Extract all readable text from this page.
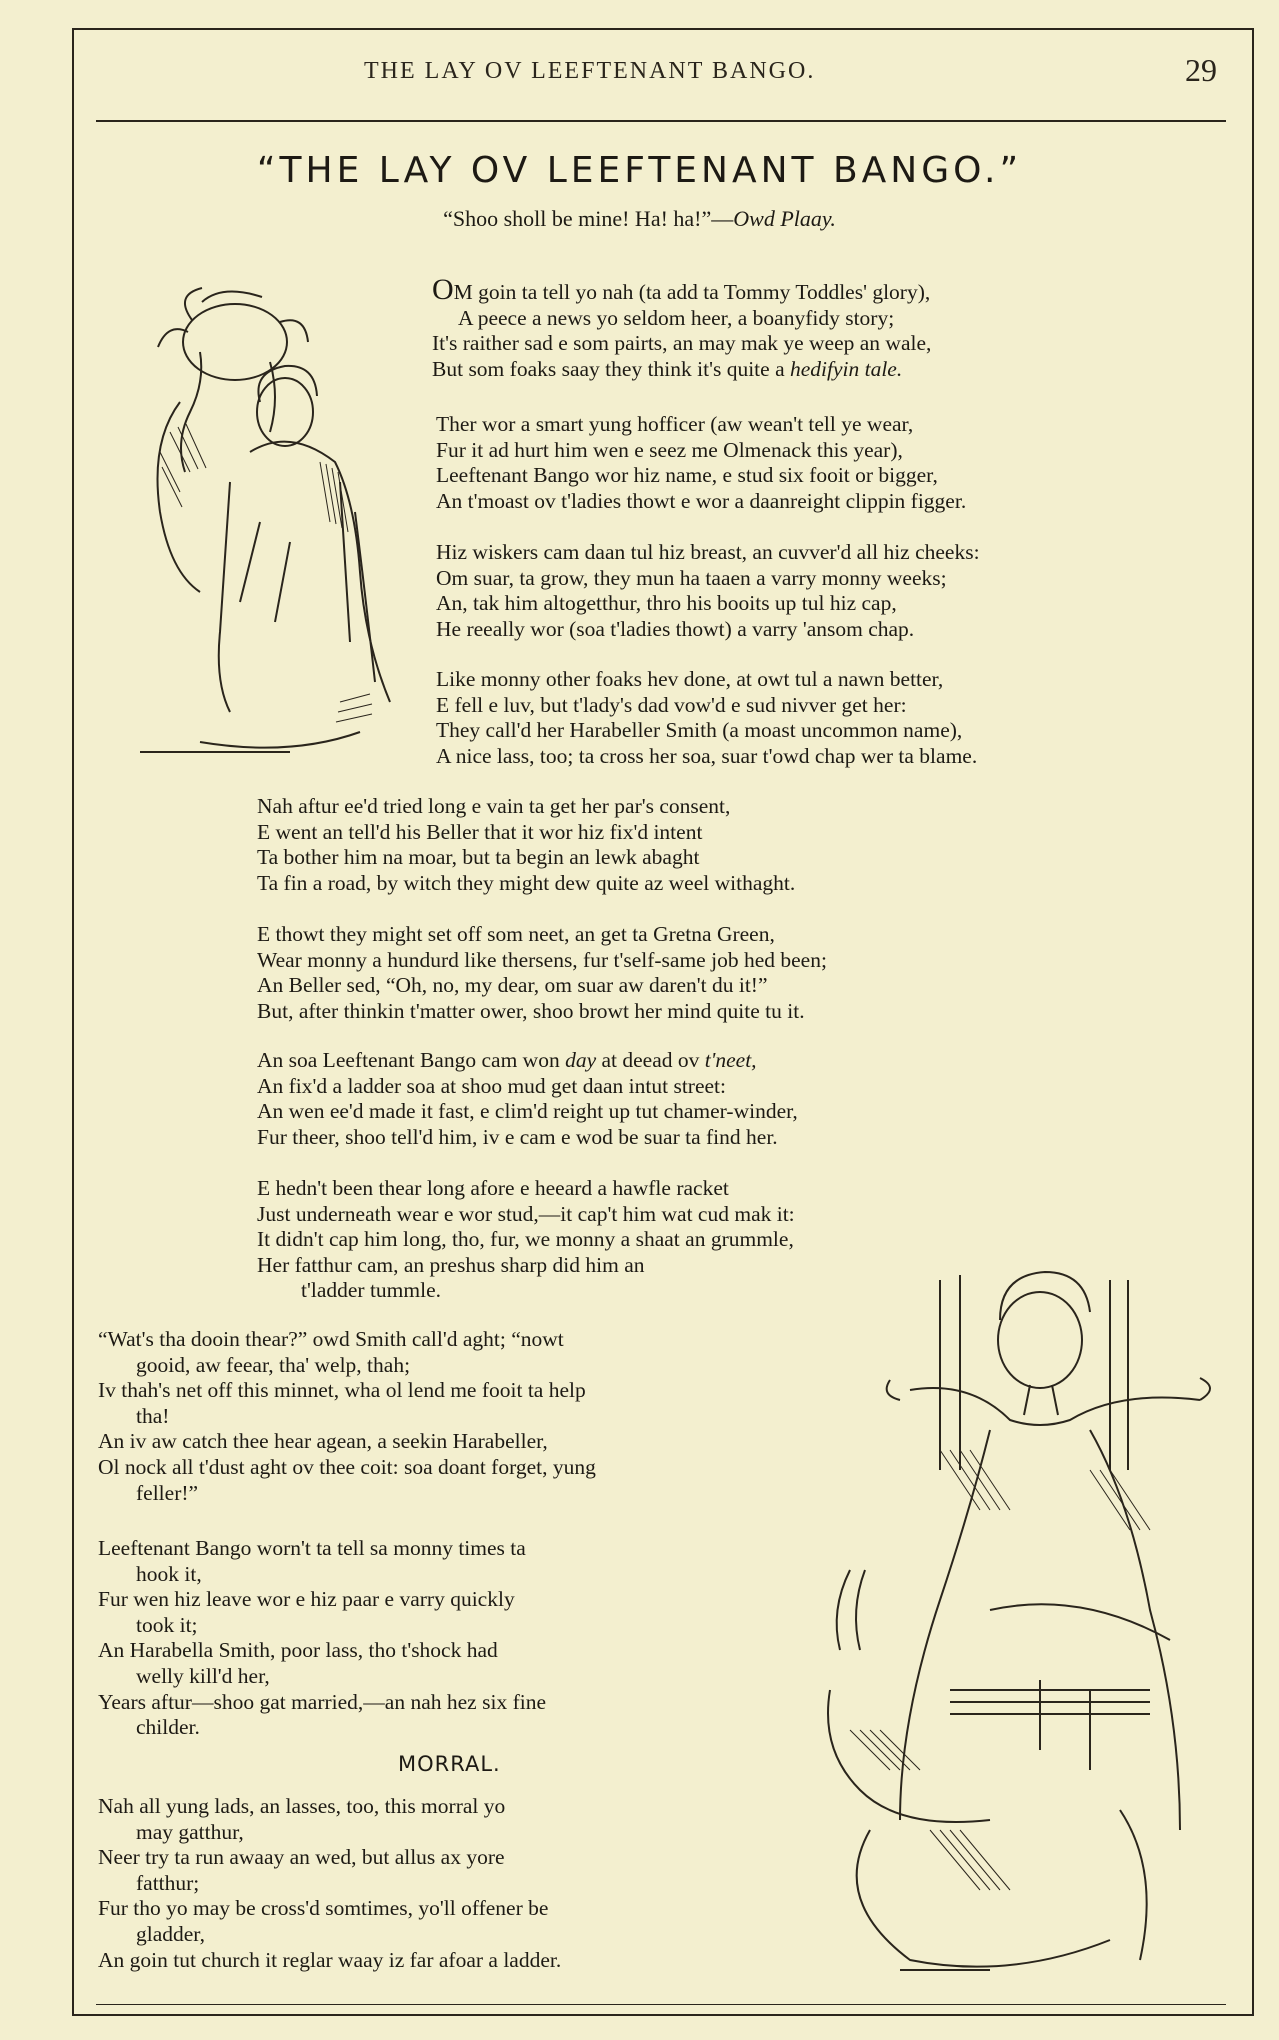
THE LAY OV LEEFTENANT BANGO.	29
“THE LAY OV LEEFTENANT BANGO.”
“Shoo sholl be mine! Ha! ha!”—Owd Plaay.
OM goin ta tell yo nah (ta add ta Tommy Toddles' glory),
A peece a news yo seldom heer, a boanyfidy story;
It's raither sad e som pairts, an may mak ye weep an wale,
But som foaks saay they think it's quite a hedifyin tale.
Ther wor a smart yung hofficer (aw wean't tell ye wear,
Fur it ad hurt him wen e seez me Olmenack this year),
Leeftenant Bango wor hiz name, e stud six fooit or bigger,
An t'moast ov t'ladies thowt e wor a daanreight clippin figger.
Hiz wiskers cam daan tul hiz breast, an cuvver'd all hiz cheeks:
Om suar, ta grow, they mun ha taaen a varry monny weeks;
An, tak him altogetthur, thro his booits up tul hiz cap,
He reeally wor (soa t'ladies thowt) a varry 'ansom chap.
Like monny other foaks hev done, at owt tul a nawn better,
E fell e luv, but t'lady's dad vow'd e sud nivver get her:
They call'd her Harabeller Smith (a moast uncommon name),
A nice lass, too; ta cross her soa, suar t'owd chap wer ta blame.
Nah aftur ee'd tried long e vain ta get her par's consent,
E went an tell'd his Beller that it wor hiz fix'd intent
Ta bother him na moar, but ta begin an lewk abaght
Ta fin a road, by witch they might dew quite az weel withaght.
E thowt they might set off som neet, an get ta Gretna Green,
Wear monny a hundurd like thersens, fur t'self-same job hed been;
An Beller sed, “Oh, no, my dear, om suar aw daren't du it!”
But, after thinkin t'matter ower, shoo browt her mind quite tu it.
An soa Leeftenant Bango cam won day at deead ov t'neet,
An fix'd a ladder soa at shoo mud get daan intut street:
An wen ee'd made it fast, e clim'd reight up tut chamer-winder,
Fur theer, shoo tell'd him, iv e cam e wod be suar ta find her.
E hedn't been thear long afore e heeard a hawfle racket
Just underneath wear e wor stud,—it cap't him wat cud mak it:
It didn't cap him long, tho, fur, we monny a shaat an grummle,
Her fatthur cam, an preshus sharp did him an
t'ladder tummle.
“Wat's tha dooin thear?” owd Smith call'd aght; “nowt
gooid, aw feear, tha' welp, thah;
Iv thah's net off this minnet, wha ol lend me fooit ta help
tha!
An iv aw catch thee hear agean, a seekin Harabeller,
Ol nock all t'dust aght ov thee coit: soa doant forget, yung
feller!”
Leeftenant Bango worn't ta tell sa monny times ta
hook it,
Fur wen hiz leave wor e hiz paar e varry quickly
took it;
An Harabella Smith, poor lass, tho t'shock had
welly kill'd her,
Years aftur—shoo gat married,—an nah hez six fine
childer.
MORRAL.
Nah all yung lads, an lasses, too, this morral yo
may gatthur,
Neer try ta run awaay an wed, but allus ax yore
fatthur;
Fur tho yo may be cross'd somtimes, yo'll offener be
gladder,
An goin tut church it reglar waay iz far afoar a ladder.
